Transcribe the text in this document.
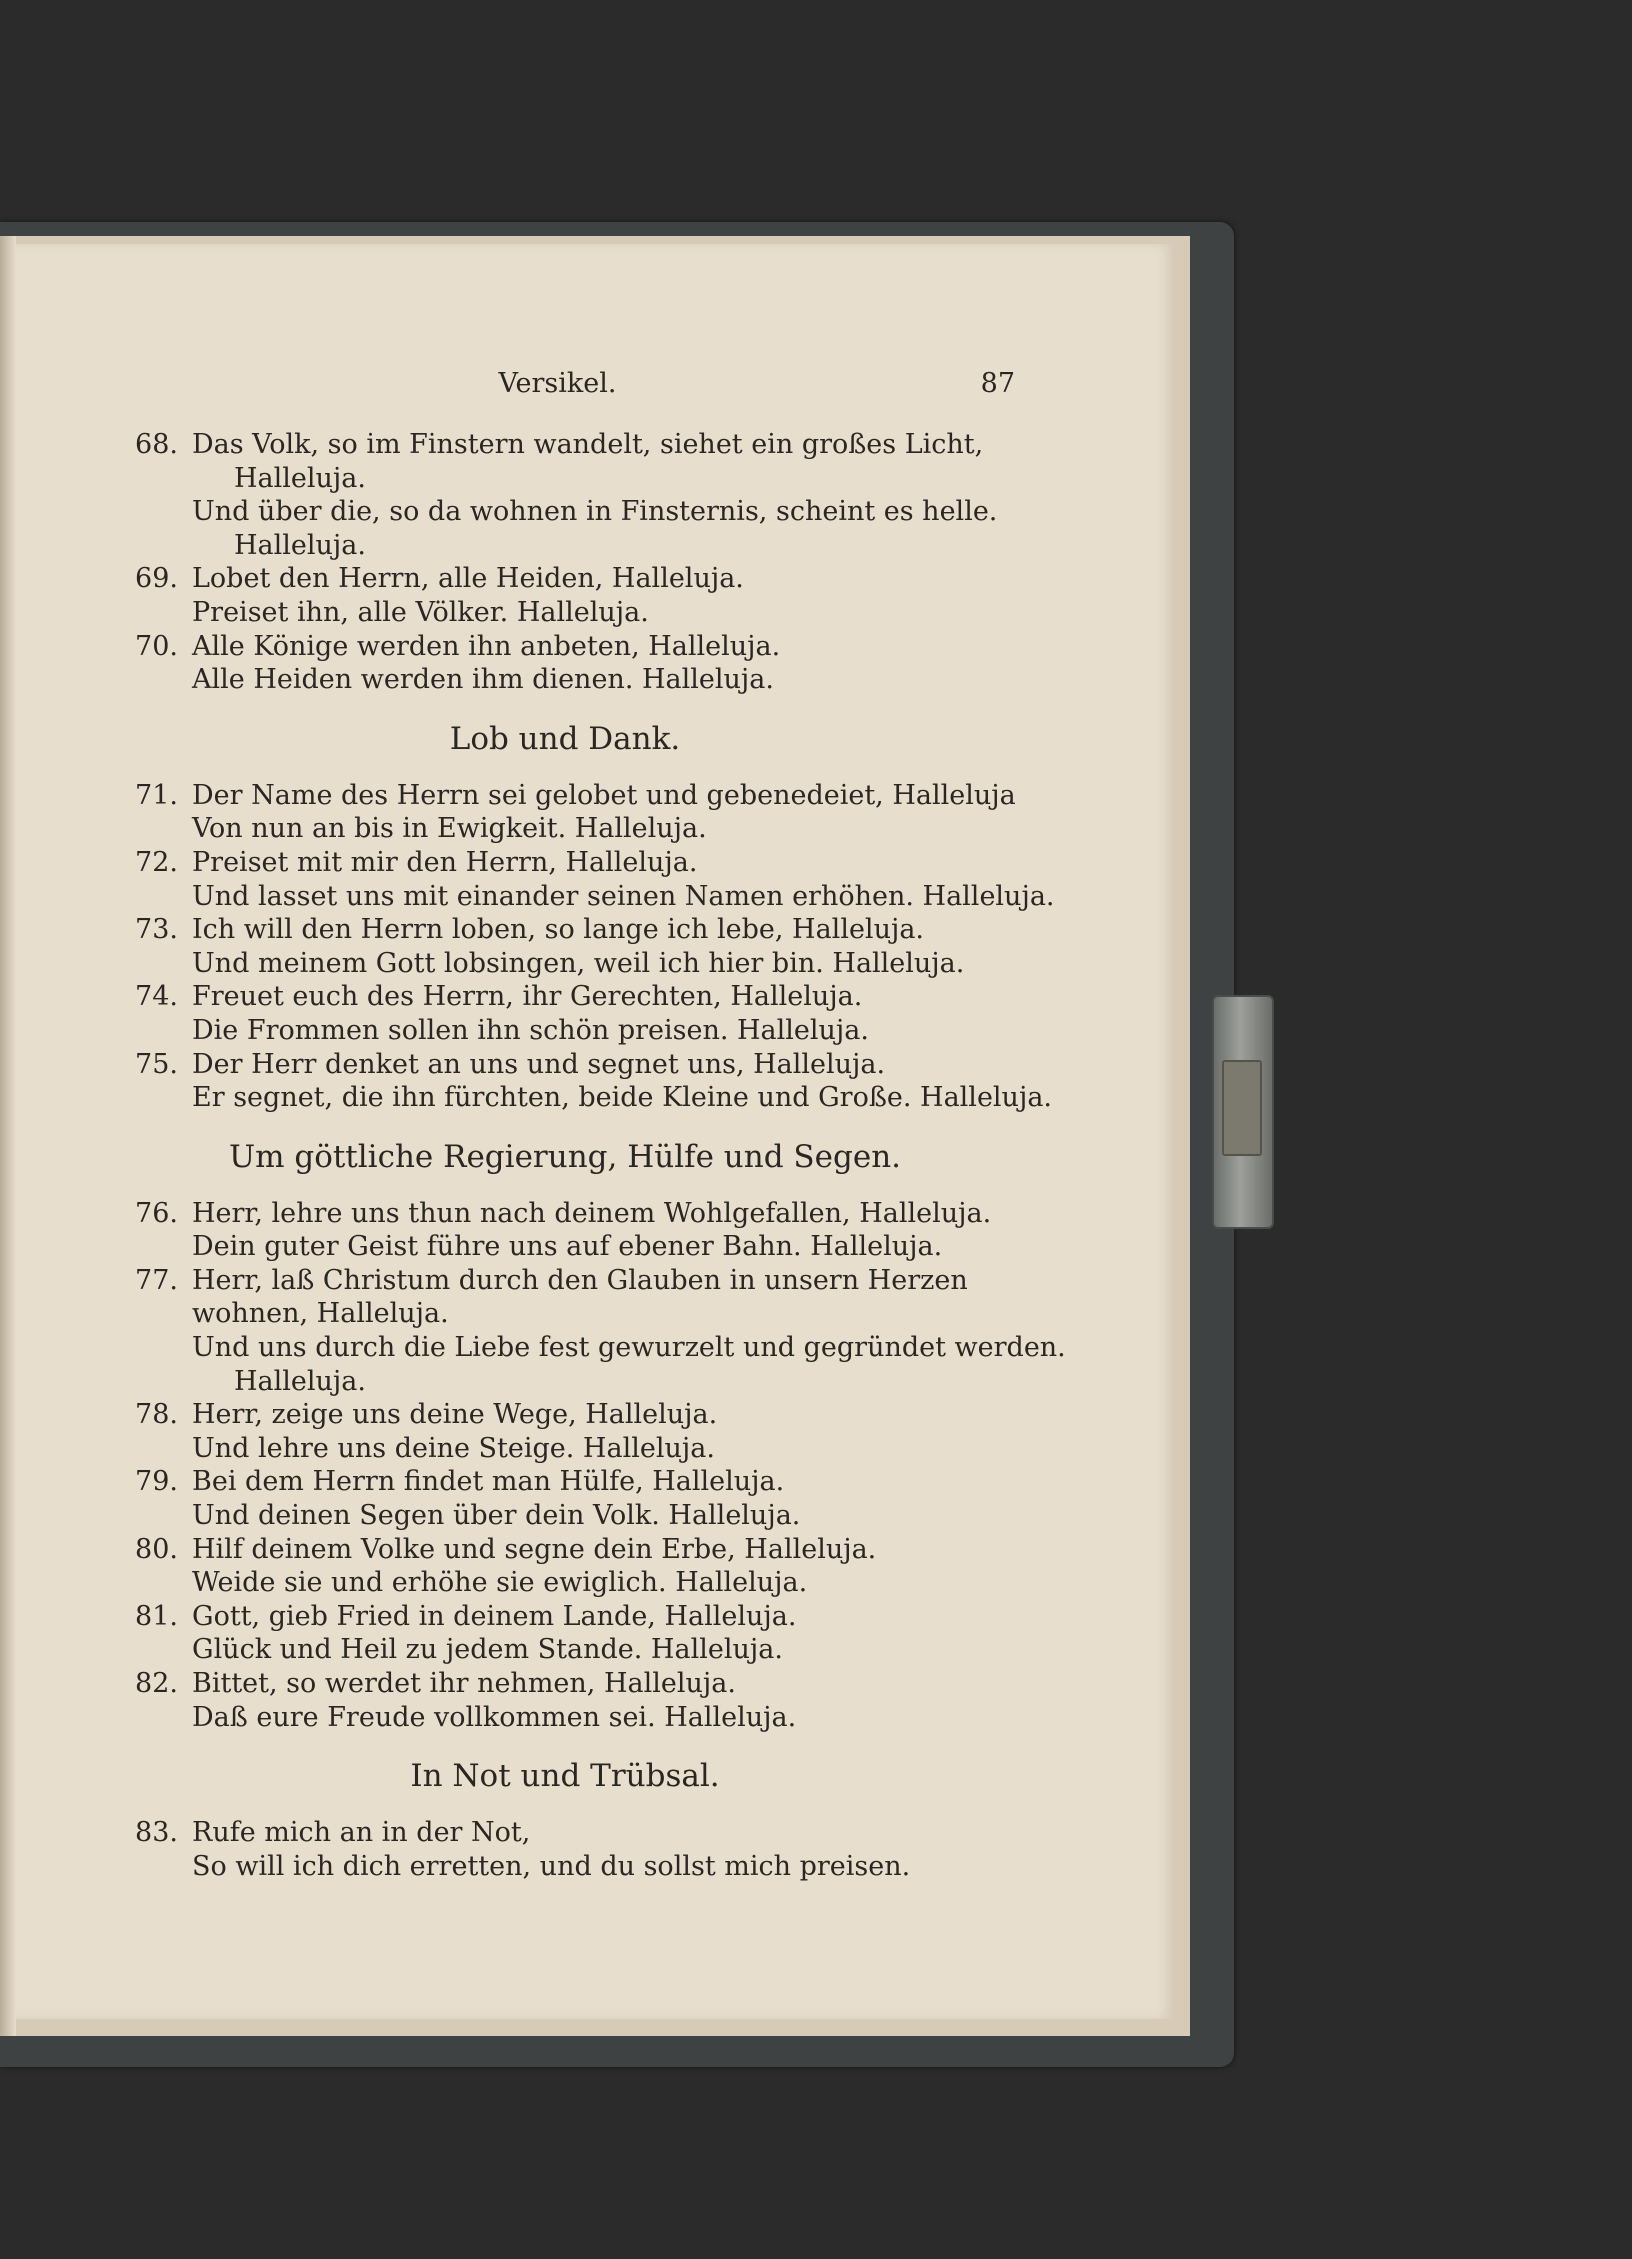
Versikel.	87
68. Das Volk, so im Finstern wandelt, siehet ein großes Licht,
Halleluja.
Und über die, so da wohnen in Finsternis, scheint es helle.
Halleluja.
69. Lobet den Herrn, alle Heiden, Halleluja.
Preiset ihn, alle Völker. Halleluja.
70. Alle Könige werden ihn anbeten, Halleluja.
Alle Heiden werden ihm dienen. Halleluja.
Lob und Dank.
71. Der Name des Herrn sei gelobet und gebenedeiet, Halleluja
Von nun an bis in Ewigkeit. Halleluja.
72. Preiset mit mir den Herrn, Halleluja.
Und lasset uns mit einander seinen Namen erhöhen. Halleluja.
73. Ich will den Herrn loben, so lange ich lebe, Halleluja.
Und meinem Gott lobsingen, weil ich hier bin. Halleluja.
74. Freuet euch des Herrn, ihr Gerechten, Halleluja.
Die Frommen sollen ihn schön preisen. Halleluja.
75. Der Herr denket an uns und segnet uns, Halleluja.
Er segnet, die ihn fürchten, beide Kleine und Große. Halleluja.
Um göttliche Regierung, Hülfe und Segen.
76. Herr, lehre uns thun nach deinem Wohlgefallen, Halleluja.
Dein guter Geist führe uns auf ebener Bahn. Halleluja.
77. Herr, laß Christum durch den Glauben in unsern Herzen
wohnen, Halleluja.
Und uns durch die Liebe fest gewurzelt und gegründet werden.
Halleluja.
78. Herr, zeige uns deine Wege, Halleluja.
Und lehre uns deine Steige. Halleluja.
79. Bei dem Herrn findet man Hülfe, Halleluja.
Und deinen Segen über dein Volk. Halleluja.
80. Hilf deinem Volke und segne dein Erbe, Halleluja.
Weide sie und erhöhe sie ewiglich. Halleluja.
81. Gott, gieb Fried in deinem Lande, Halleluja.
Glück und Heil zu jedem Stande. Halleluja.
82. Bittet, so werdet ihr nehmen, Halleluja.
Daß eure Freude vollkommen sei. Halleluja.
In Not und Trübsal.
83. Rufe mich an in der Not,
So will ich dich erretten, und du sollst mich preisen.
